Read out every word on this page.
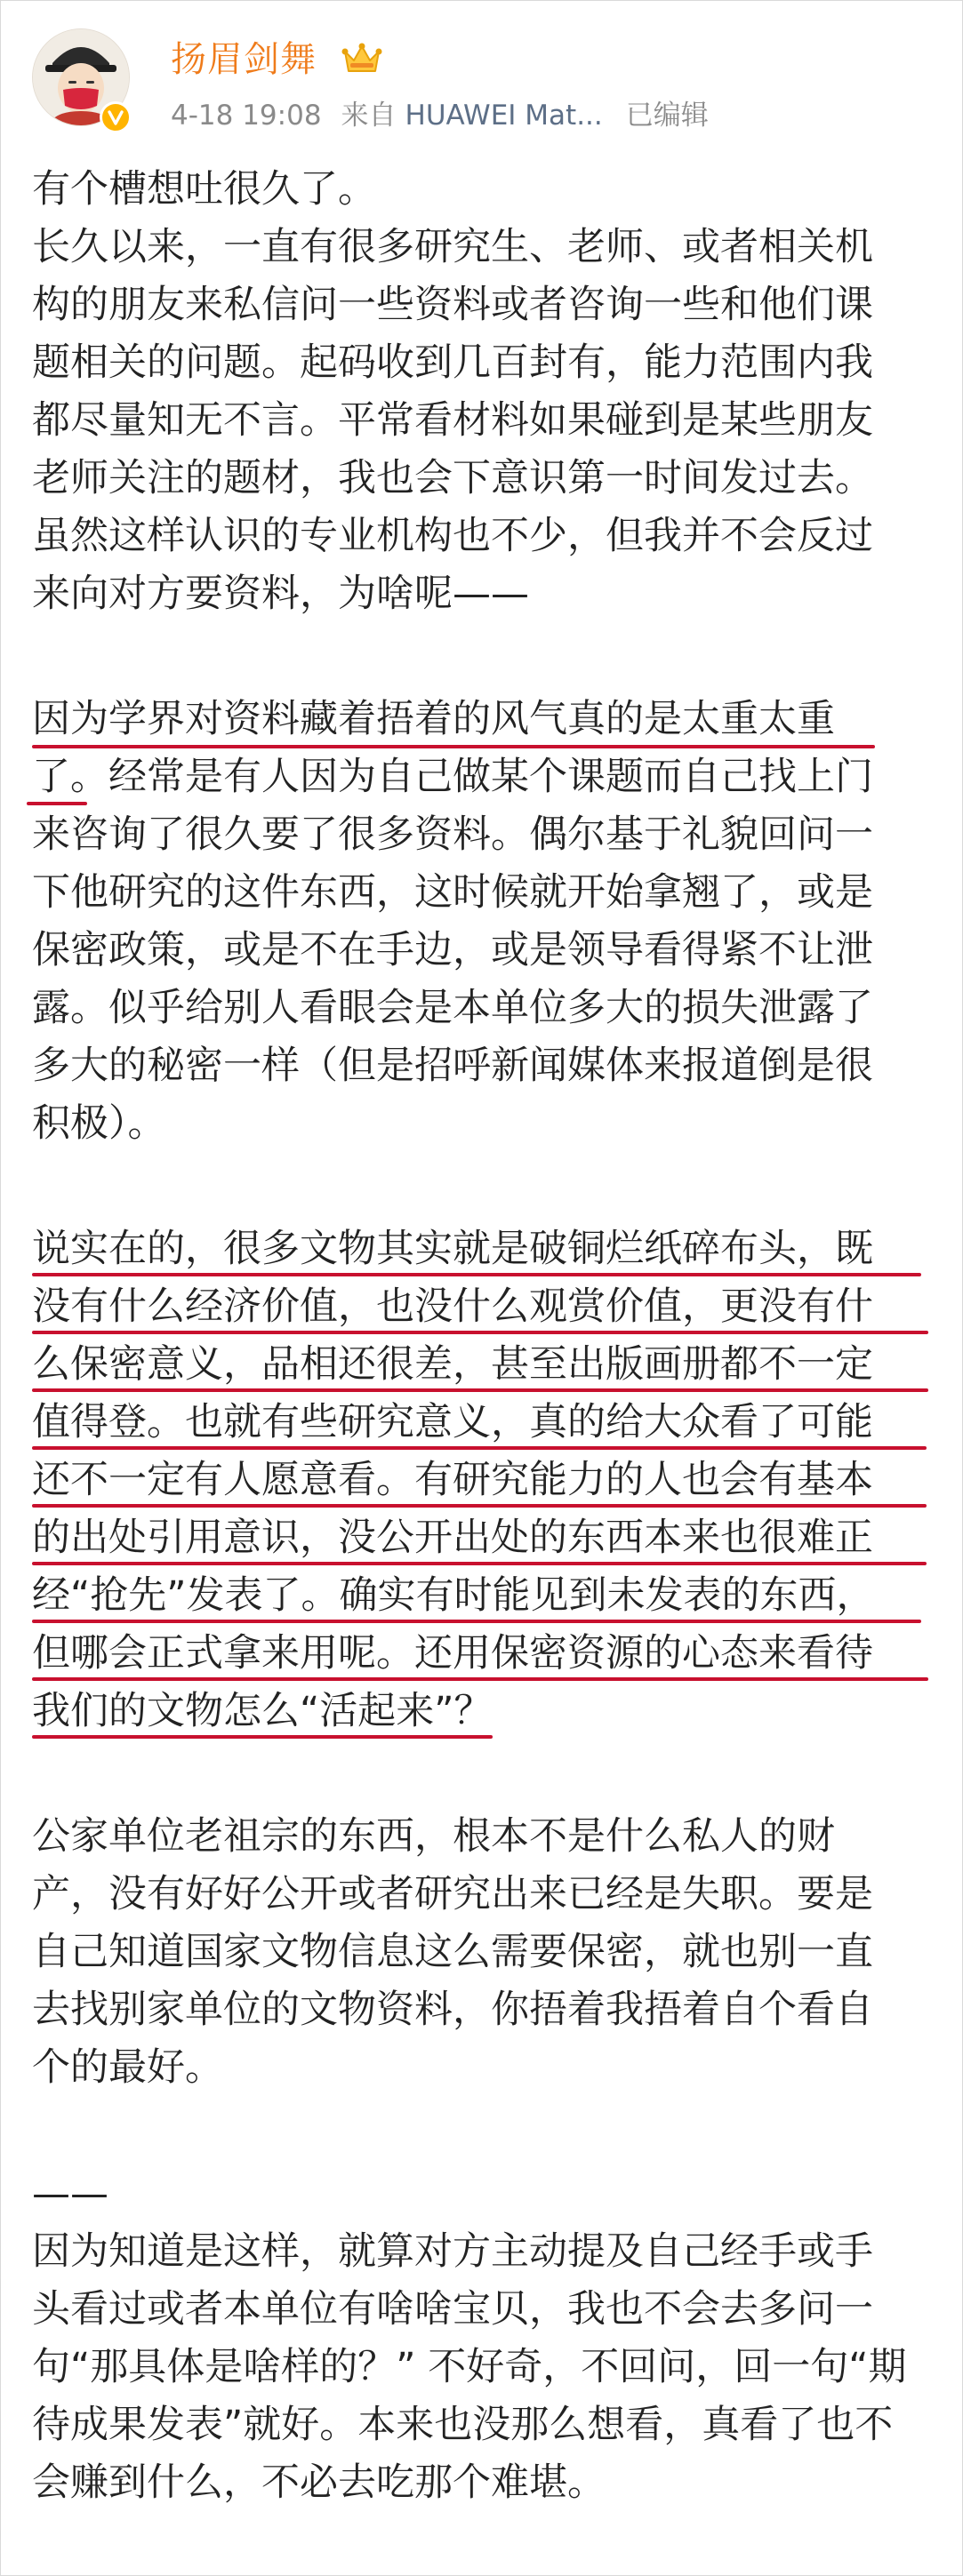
扬眉剑舞
4-18 19:08 来自 HUAWEI Mat... 已编辑
有个槽想吐很久了。
长久以来，一直有很多研究生、老师、或者相关机
构的朋友来私信问一些资料或者咨询一些和他们课
题相关的问题。起码收到几百封有，能力范围内我
都尽量知无不言。平常看材料如果碰到是某些朋友
老师关注的题材，我也会下意识第一时间发过去。
虽然这样认识的专业机构也不少，但我并不会反过
来向对方要资料，为啥呢——
因为学界对资料藏着捂着的风气真的是太重太重
了。经常是有人因为自己做某个课题而自己找上门
来咨询了很久要了很多资料。偶尔基于礼貌回问一
下他研究的这件东西，这时候就开始拿翘了，或是
保密政策，或是不在手边，或是领导看得紧不让泄
露。似乎给别人看眼会是本单位多大的损失泄露了
多大的秘密一样（但是招呼新闻媒体来报道倒是很
积极）。
说实在的，很多文物其实就是破铜烂纸碎布头，既
没有什么经济价值，也没什么观赏价值，更没有什
么保密意义，品相还很差，甚至出版画册都不一定
值得登。也就有些研究意义，真的给大众看了可能
还不一定有人愿意看。有研究能力的人也会有基本
的出处引用意识，没公开出处的东西本来也很难正
经“抢先”发表了。确实有时能见到未发表的东西，
但哪会正式拿来用呢。还用保密资源的心态来看待
我们的文物怎么“活起来”？
公家单位老祖宗的东西，根本不是什么私人的财
产，没有好好公开或者研究出来已经是失职。要是
自己知道国家文物信息这么需要保密，就也别一直
去找别家单位的文物资料，你捂着我捂着自个看自
个的最好。
——
因为知道是这样，就算对方主动提及自己经手或手
头看过或者本单位有啥啥宝贝，我也不会去多问一
句“那具体是啥样的？” 不好奇，不回问，回一句“期
待成果发表”就好。本来也没那么想看，真看了也不
会赚到什么，不必去吃那个难堪。
